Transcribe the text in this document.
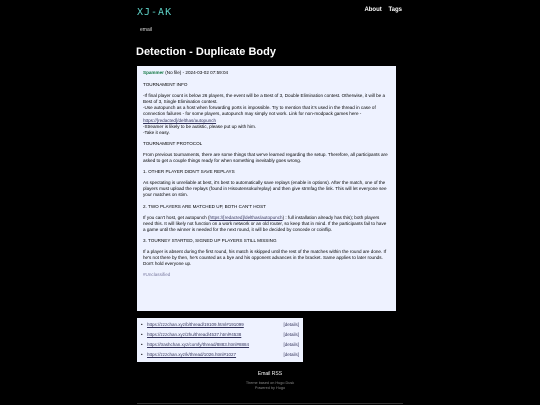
XJ-AK	About Tags
email
Detection - Duplicate Body
Spammer (No file) - 2024-03-02 07:59:04

TOURNAMENT INFO

-If final player count is below 26 players, the event will be a Best of 3, Double Elimination contest. Otherwise, it will be a Best of 3, Single Elimination contest.
-Use autopunch as a host when forwarding ports is impossible. Try to mention that it's used in the thread in case of connection failures - for some players, autopunch may simply not work. Link for non-modpack games here - https://[redacted]/delthas/autopunch
-Streamer is likely to be autistic, please put up with him.
-Take it easy.

TOURNAMENT PROTOCOL

From previous tournaments, there are some things that we've learned regarding the setup. Therefore, all participants are asked to get a couple things ready for when something inevitably goes wrong.

1. OTHER PLAYER DIDN'T SAVE REPLAYS

As spectating is unreliable at best, it's best to automatically save replays (enable in options). After the match, one of the players must upload the replays (found in Hisoutensoku/replay) and then give strmfag the link. This will let everyone see your matches on stim.

2. TWO PLAYERS ARE MATCHED UP, BOTH CAN'T HOST

If you can't host, get autopunch (https://[redacted]/delthas/autopunch) : full installation already has this); both players need this. It will likely not function on a work network or an old router, so keep that in mind. If the participants fail to have a game until the winner is needed for the next round, it will be decided by concede or coinflip.

3. TOURNEY STARTED, SIGNED UP PLAYERS STILL MISSING

If a player is absent during the first round, his match is skipped until the rest of the matches within the round are done. If he's not there by then, he's counted as a bye and his opponent advances in the bracket. Same applies to later rounds. Don't hold everyone up.

#Unclassified
• https://zzzchan.xyz/b/thread/19109.html#191099	[details]
• https://zzzchan.xyz/2hu/thread/4537.html#4538	[details]
• https://trashchan.xyz/comfy/thread/8883.html#8884	[details]
• https://zzzchan.xyz/k/thread/1026.html#1027	[details]
Email RSS
Theme based on Hugo Dusk
Powered by Hugo
